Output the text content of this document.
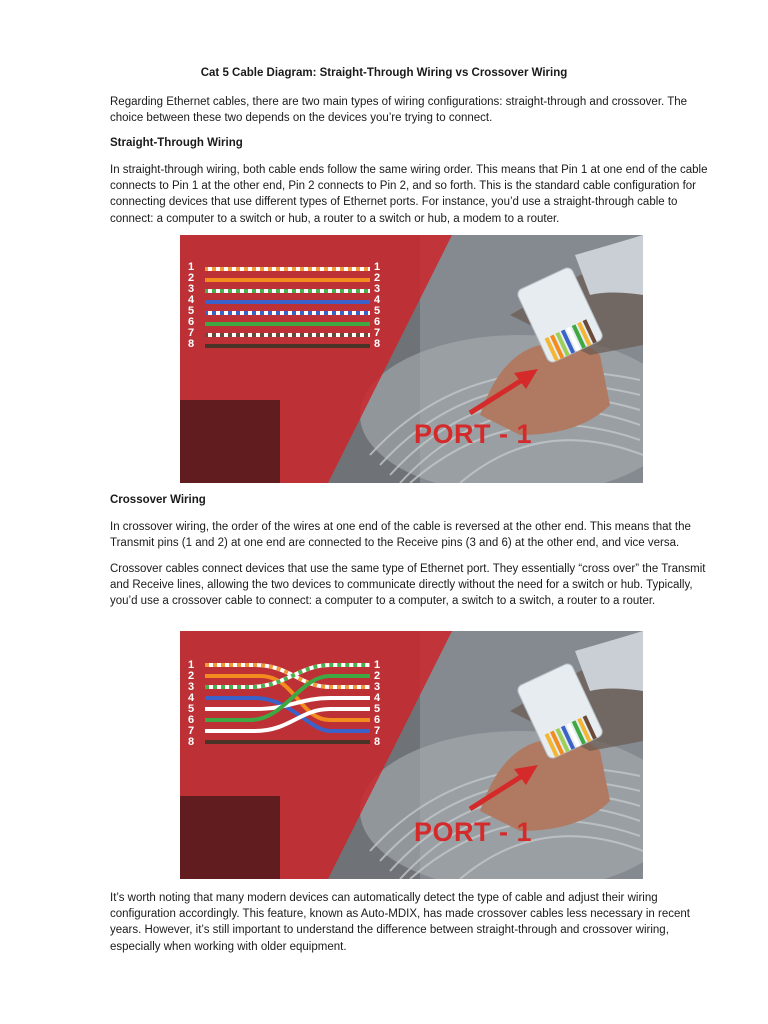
Cat 5 Cable Diagram: Straight-Through Wiring vs Crossover Wiring

Regarding Ethernet cables, there are two main types of wiring configurations: straight-through and crossover. The choice between these two depends on the devices you’re trying to connect.

Straight-Through Wiring

In straight-through wiring, both cable ends follow the same wiring order. This means that Pin 1 at one end of the cable connects to Pin 1 at the other end, Pin 2 connects to Pin 2, and so forth. This is the standard cable configuration for connecting devices that use different types of Ethernet ports. For instance, you’d use a straight-through cable to connect: a computer to a switch or hub, a router to a switch or hub, a modem to a router.

1
2
3
4
5
6
7
8
1
2
3
4
5
6
7
8
PORT - 1

Crossover Wiring

In crossover wiring, the order of the wires at one end of the cable is reversed at the other end. This means that the Transmit pins (1 and 2) at one end are connected to the Receive pins (3 and 6) at the other end, and vice versa.

Crossover cables connect devices that use the same type of Ethernet port. They essentially “cross over” the Transmit and Receive lines, allowing the two devices to communicate directly without the need for a switch or hub. Typically, you’d use a crossover cable to connect: a computer to a computer, a switch to a switch, a router to a router.

1
2
3
4
5
6
7
8
1
2
3
4
5
6
7
8
PORT - 1

It’s worth noting that many modern devices can automatically detect the type of cable and adjust their wiring configuration accordingly. This feature, known as Auto-MDIX, has made crossover cables less necessary in recent years. However, it’s still important to understand the difference between straight-through and crossover wiring, especially when working with older equipment.
